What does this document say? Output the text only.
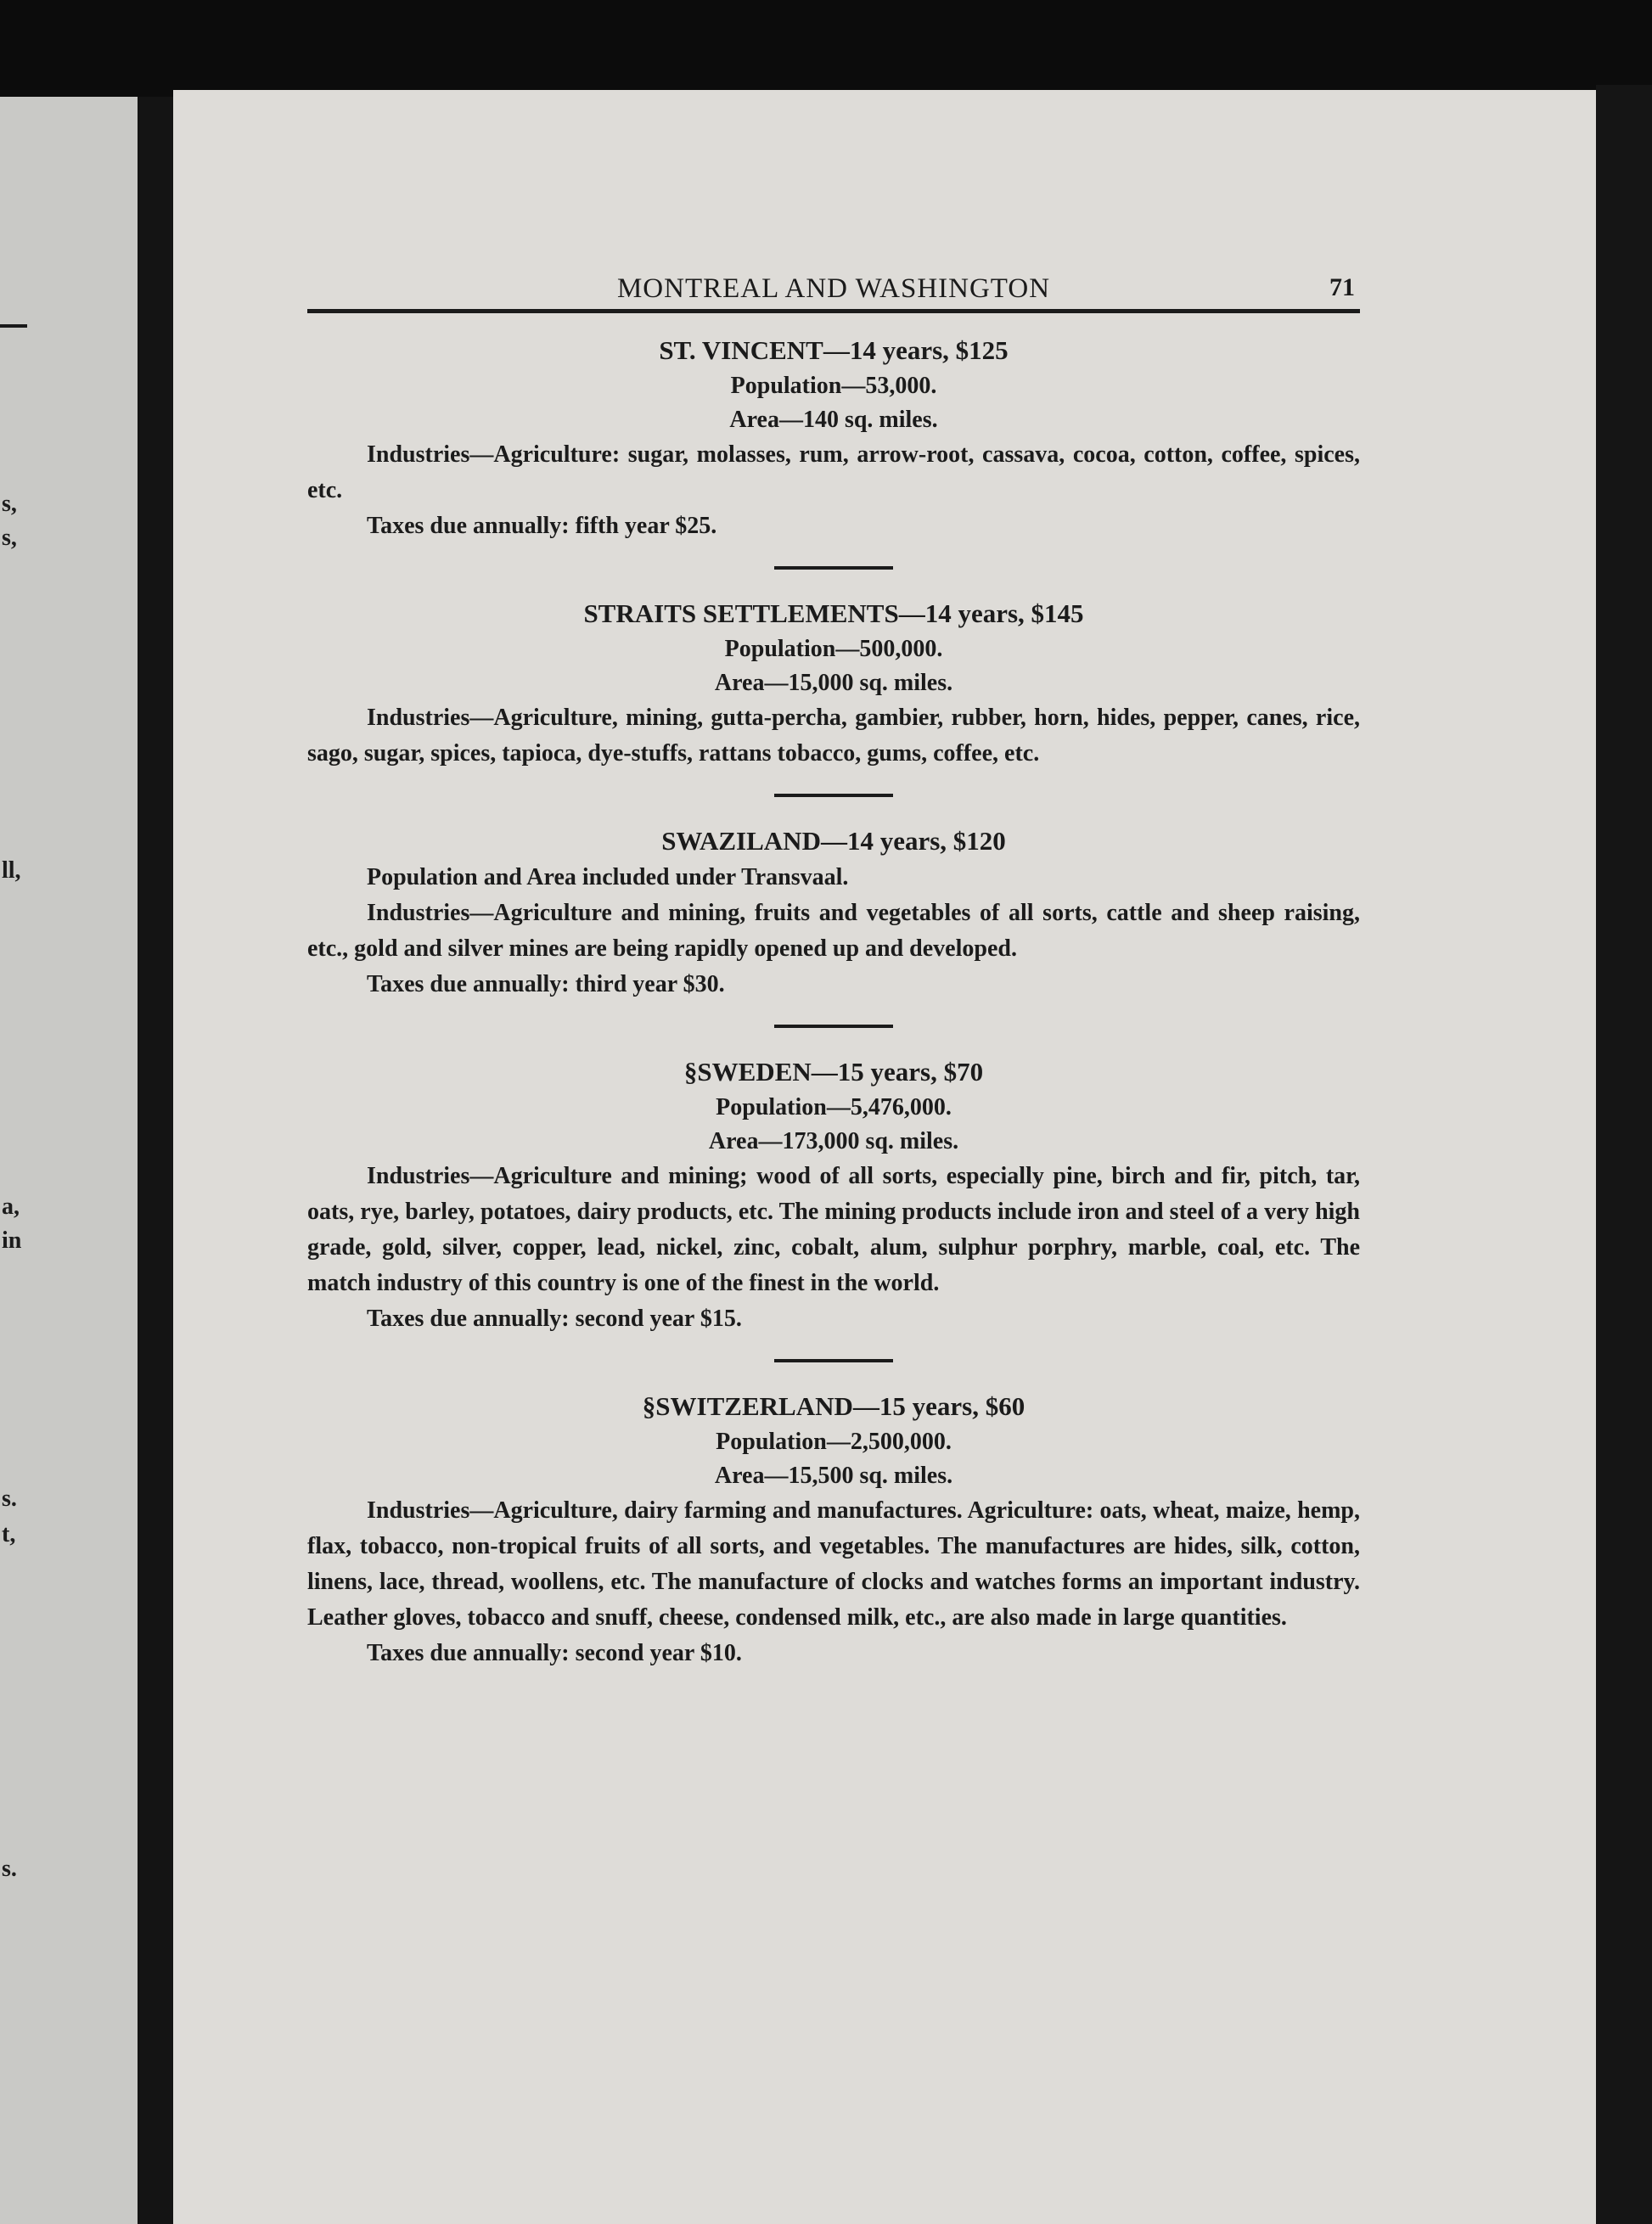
s,
s,
ll,
a,
in
s.
t,
s.
MONTREAL AND WASHINGTON	71

ST. VINCENT—14 years, $125

Population—53,000.

Area—140 sq. miles.

Industries—Agriculture: sugar, molasses, rum, arrow-root, cassava, cocoa, cotton, coffee, spices, etc.

Taxes due annually: fifth year $25.

STRAITS SETTLEMENTS—14 years, $145

Population—500,000.

Area—15,000 sq. miles.

Industries—Agriculture, mining, gutta-percha, gambier, rubber, horn, hides, pepper, canes, rice, sago, sugar, spices, tapioca, dye-stuffs, rattans tobacco, gums, coffee, etc.

SWAZILAND—14 years, $120

Population and Area included under Transvaal.

Industries—Agriculture and mining, fruits and vegetables of all sorts, cattle and sheep raising, etc., gold and silver mines are being rapidly opened up and developed.

Taxes due annually: third year $30.

§SWEDEN—15 years, $70

Population—5,476,000.

Area—173,000 sq. miles.

Industries—Agriculture and mining; wood of all sorts, especially pine, birch and fir, pitch, tar, oats, rye, barley, potatoes, dairy products, etc. The mining products include iron and steel of a very high grade, gold, silver, copper, lead, nickel, zinc, cobalt, alum, sulphur porphry, marble, coal, etc. The match industry of this country is one of the finest in the world.

Taxes due annually: second year $15.

§SWITZERLAND—15 years, $60

Population—2,500,000.

Area—15,500 sq. miles.

Industries—Agriculture, dairy farming and manufactures. Agriculture: oats, wheat, maize, hemp, flax, tobacco, non-tropical fruits of all sorts, and vegetables. The manufactures are hides, silk, cotton, linens, lace, thread, woollens, etc. The manufacture of clocks and watches forms an important industry. Leather gloves, tobacco and snuff, cheese, condensed milk, etc., are also made in large quantities.

Taxes due annually: second year $10.
